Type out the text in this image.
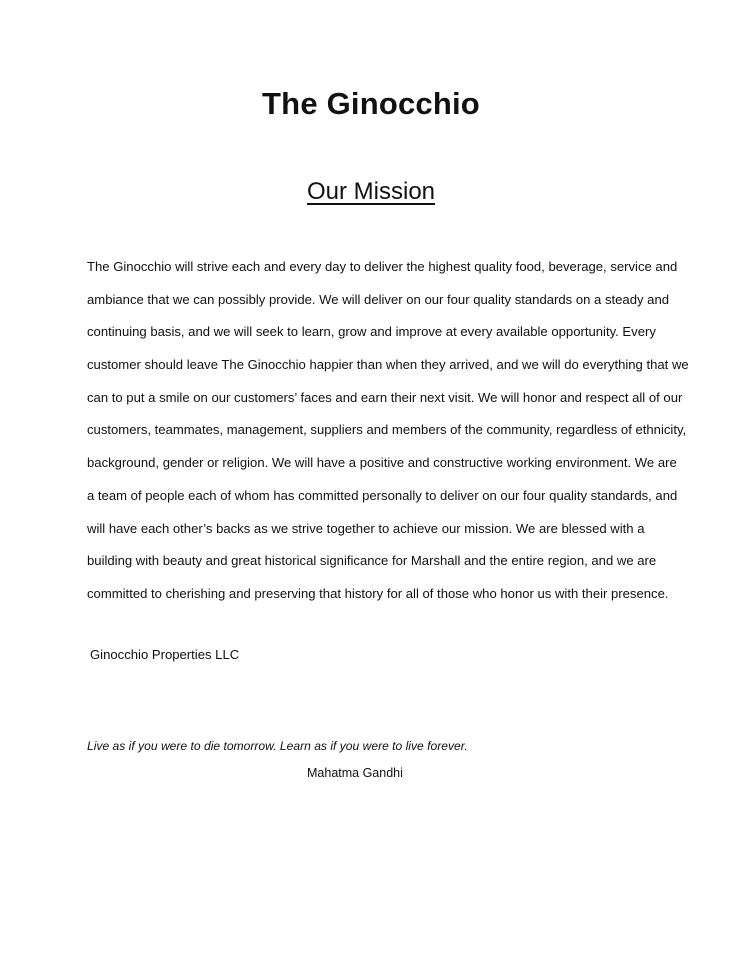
The Ginocchio
Our Mission
The Ginocchio will strive each and every day to deliver the highest quality food, beverage, service and
ambiance that we can possibly provide. We will deliver on our four quality standards on a steady and
continuing basis, and we will seek to learn, grow and improve at every available opportunity. Every
customer should leave The Ginocchio happier than when they arrived, and we will do everything that we
can to put a smile on our customers’ faces and earn their next visit. We will honor and respect all of our
customers, teammates, management, suppliers and members of the community, regardless of ethnicity,
background, gender or religion. We will have a positive and constructive working environment. We are
a team of people each of whom has committed personally to deliver on our four quality standards, and
will have each other’s backs as we strive together to achieve our mission. We are blessed with a
building with beauty and great historical significance for Marshall and the entire region, and we are
committed to cherishing and preserving that history for all of those who honor us with their presence.

Ginocchio Properties LLC

Live as if you were to die tomorrow. Learn as if you were to live forever.

Mahatma Gandhi
